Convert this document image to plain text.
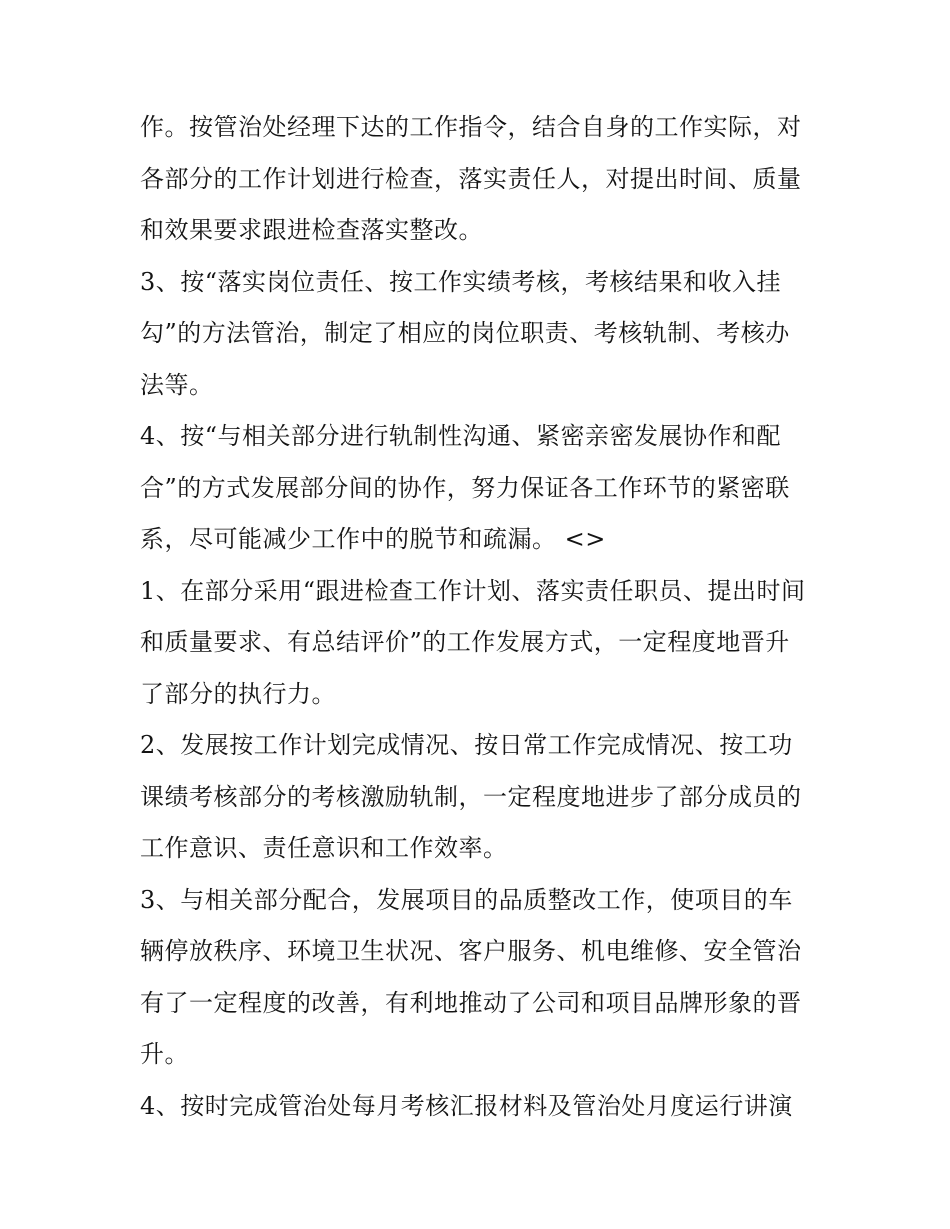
作。按管治处经理下达的工作指令，结合自身的工作实际，对
各部分的工作计划进行检查，落实责任人，对提出时间、质量
和效果要求跟进检查落实整改。
3、按“落实岗位责任、按工作实绩考核，考核结果和收入挂
勾”的方法管治，制定了相应的岗位职责、考核轨制、考核办
法等。
4、按“与相关部分进行轨制性沟通、紧密亲密发展协作和配
合”的方式发展部分间的协作，努力保证各工作环节的紧密联
系，尽可能减少工作中的脱节和疏漏。 <>
1、在部分采用“跟进检查工作计划、落实责任职员、提出时间
和质量要求、有总结评价”的工作发展方式，一定程度地晋升
了部分的执行力。
2、发展按工作计划完成情况、按日常工作完成情况、按工功
课绩考核部分的考核激励轨制，一定程度地进步了部分成员的
工作意识、责任意识和工作效率。
3、与相关部分配合，发展项目的品质整改工作，使项目的车
辆停放秩序、环境卫生状况、客户服务、机电维修、安全管治
有了一定程度的改善，有利地推动了公司和项目品牌形象的晋
升。
4、按时完成管治处每月考核汇报材料及管治处月度运行讲演
